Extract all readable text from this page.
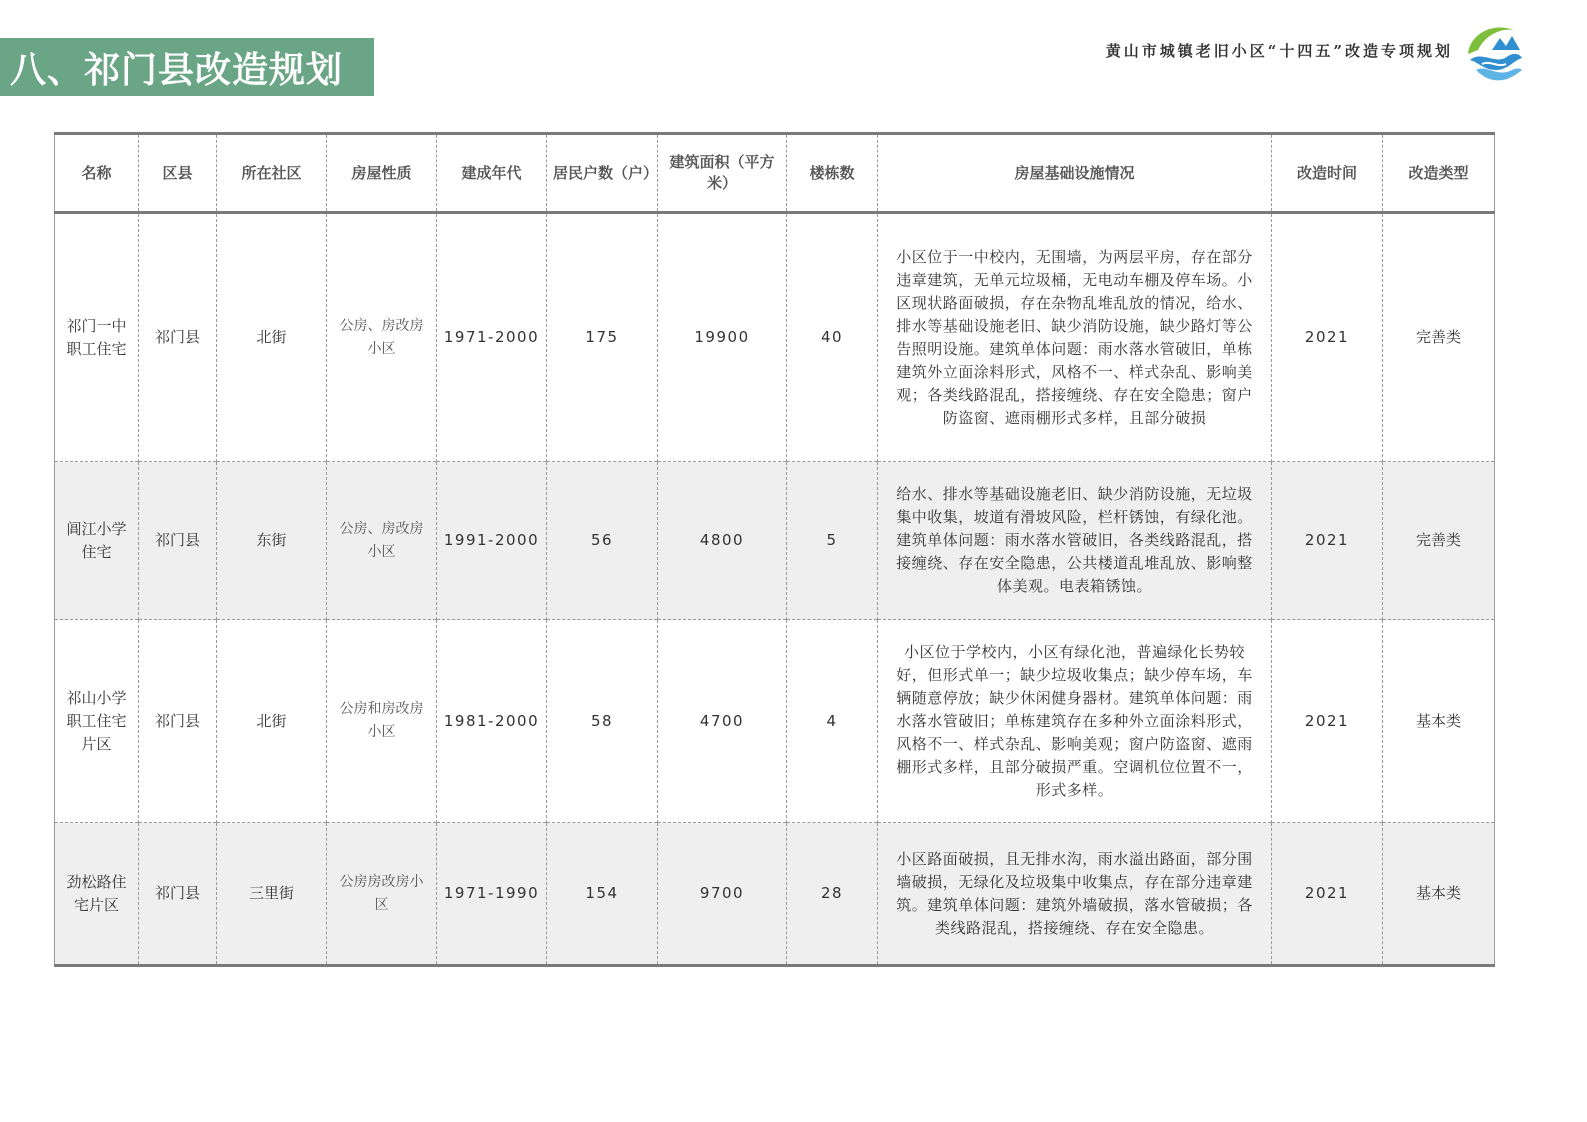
八、祁门县改造规划	黄山市城镇老旧小区“十四五”改造专项规划
名称	区县	所在社区	房屋性质	建成年代	居民户数（户）	建筑面积（平方米）	楼栋数	房屋基础设施情况	改造时间	改造类型
祁门一中职工住宅	祁门县	北街	公房、房改房小区	1971-2000	175	19900	40	小区位于一中校内，无围墙，为两层平房，存在部分违章建筑，无单元垃圾桶，无电动车棚及停车场。小区现状路面破损，存在杂物乱堆乱放的情况，给水、排水等基础设施老旧、缺少消防设施，缺少路灯等公告照明设施。建筑单体问题：雨水落水管破旧，单栋建筑外立面涂料形式，风格不一、样式杂乱、影响美观；各类线路混乱，搭接缠绕、存在安全隐患；窗户防盗窗、遮雨棚形式多样，且部分破损	2021	完善类
阊江小学住宅	祁门县	东街	公房、房改房小区	1991-2000	56	4800	5	给水、排水等基础设施老旧、缺少消防设施，无垃圾集中收集，坡道有滑坡风险，栏杆锈蚀，有绿化池。建筑单体问题：雨水落水管破旧，各类线路混乱，搭接缠绕、存在安全隐患，公共楼道乱堆乱放、影响整体美观。电表箱锈蚀。	2021	完善类
祁山小学职工住宅片区	祁门县	北街	公房和房改房小区	1981-2000	58	4700	4	小区位于学校内，小区有绿化池，普遍绿化长势较好，但形式单一；缺少垃圾收集点；缺少停车场，车辆随意停放；缺少休闲健身器材。建筑单体问题：雨水落水管破旧；单栋建筑存在多种外立面涂料形式，风格不一、样式杂乱、影响美观；窗户防盗窗、遮雨棚形式多样，且部分破损严重。空调机位位置不一，形式多样。	2021	基本类
劲松路住宅片区	祁门县	三里街	公房房改房小区	1971-1990	154	9700	28	小区路面破损，且无排水沟，雨水溢出路面，部分围墙破损，无绿化及垃圾集中收集点，存在部分违章建筑。建筑单体问题：建筑外墙破损，落水管破损；各类线路混乱，搭接缠绕、存在安全隐患。	2021	基本类
